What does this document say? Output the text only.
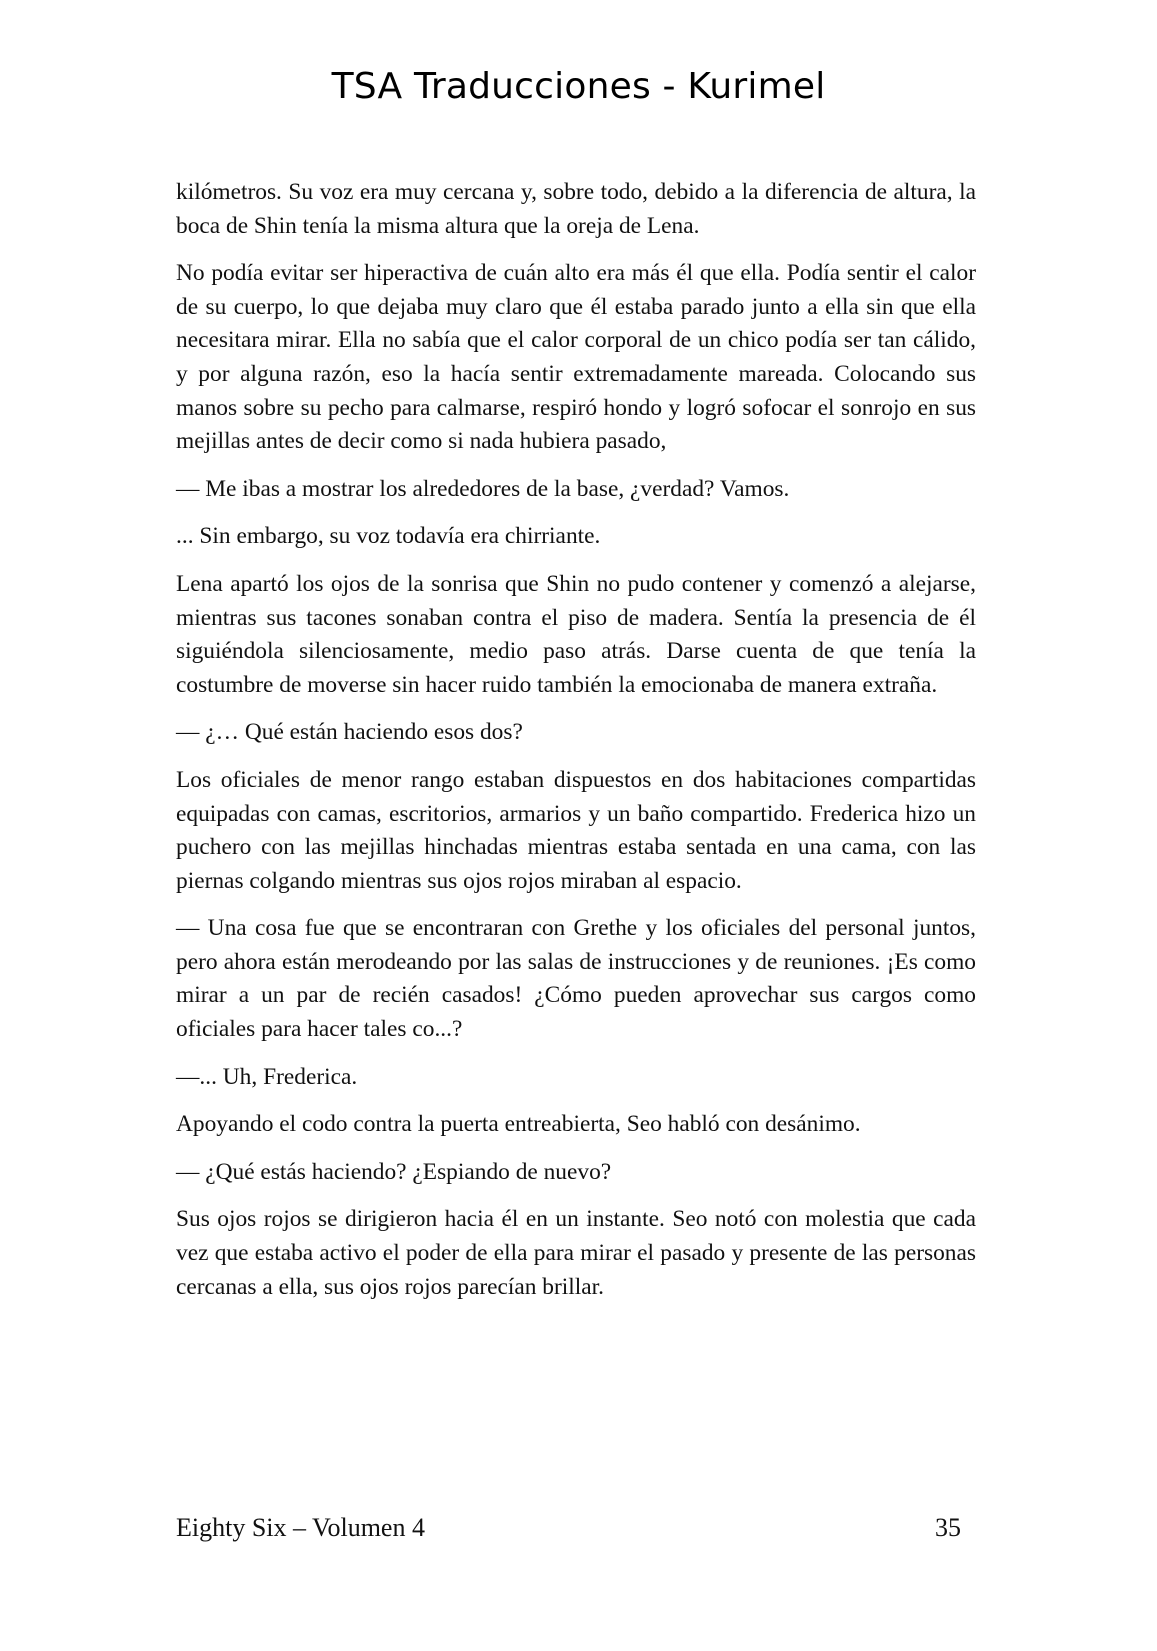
TSA Traducciones - Kurimel

kilómetros. Su voz era muy cercana y, sobre todo, debido a la diferencia de altura, la boca de Shin tenía la misma altura que la oreja de Lena.

No podía evitar ser hiperactiva de cuán alto era más él que ella. Podía sentir el calor de su cuerpo, lo que dejaba muy claro que él estaba parado junto a ella sin que ella necesitara mirar. Ella no sabía que el calor corporal de un chico podía ser tan cálido, y por alguna razón, eso la hacía sentir extremadamente mareada. Colocando sus manos sobre su pecho para calmarse, respiró hondo y logró sofocar el sonrojo en sus mejillas antes de decir como si nada hubiera pasado,

— Me ibas a mostrar los alrededores de la base, ¿verdad? Vamos.

... Sin embargo, su voz todavía era chirriante.

Lena apartó los ojos de la sonrisa que Shin no pudo contener y comenzó a alejarse, mientras sus tacones sonaban contra el piso de madera. Sentía la presencia de él siguiéndola silenciosamente, medio paso atrás. Darse cuenta de que tenía la costumbre de moverse sin hacer ruido también la emocionaba de manera extraña.

— ¿… Qué están haciendo esos dos?

Los oficiales de menor rango estaban dispuestos en dos habitaciones compartidas equipadas con camas, escritorios, armarios y un baño compartido. Frederica hizo un puchero con las mejillas hinchadas mientras estaba sentada en una cama, con las piernas colgando mientras sus ojos rojos miraban al espacio.

— Una cosa fue que se encontraran con Grethe y los oficiales del personal juntos, pero ahora están merodeando por las salas de instrucciones y de reuniones. ¡Es como mirar a un par de recién casados! ¿Cómo pueden aprovechar sus cargos como oficiales para hacer tales co...?

—... Uh, Frederica.

Apoyando el codo contra la puerta entreabierta, Seo habló con desánimo.

— ¿Qué estás haciendo? ¿Espiando de nuevo?

Sus ojos rojos se dirigieron hacia él en un instante. Seo notó con molestia que cada vez que estaba activo el poder de ella para mirar el pasado y presente de las personas cercanas a ella, sus ojos rojos parecían brillar.

Eighty Six – Volumen 4	35
